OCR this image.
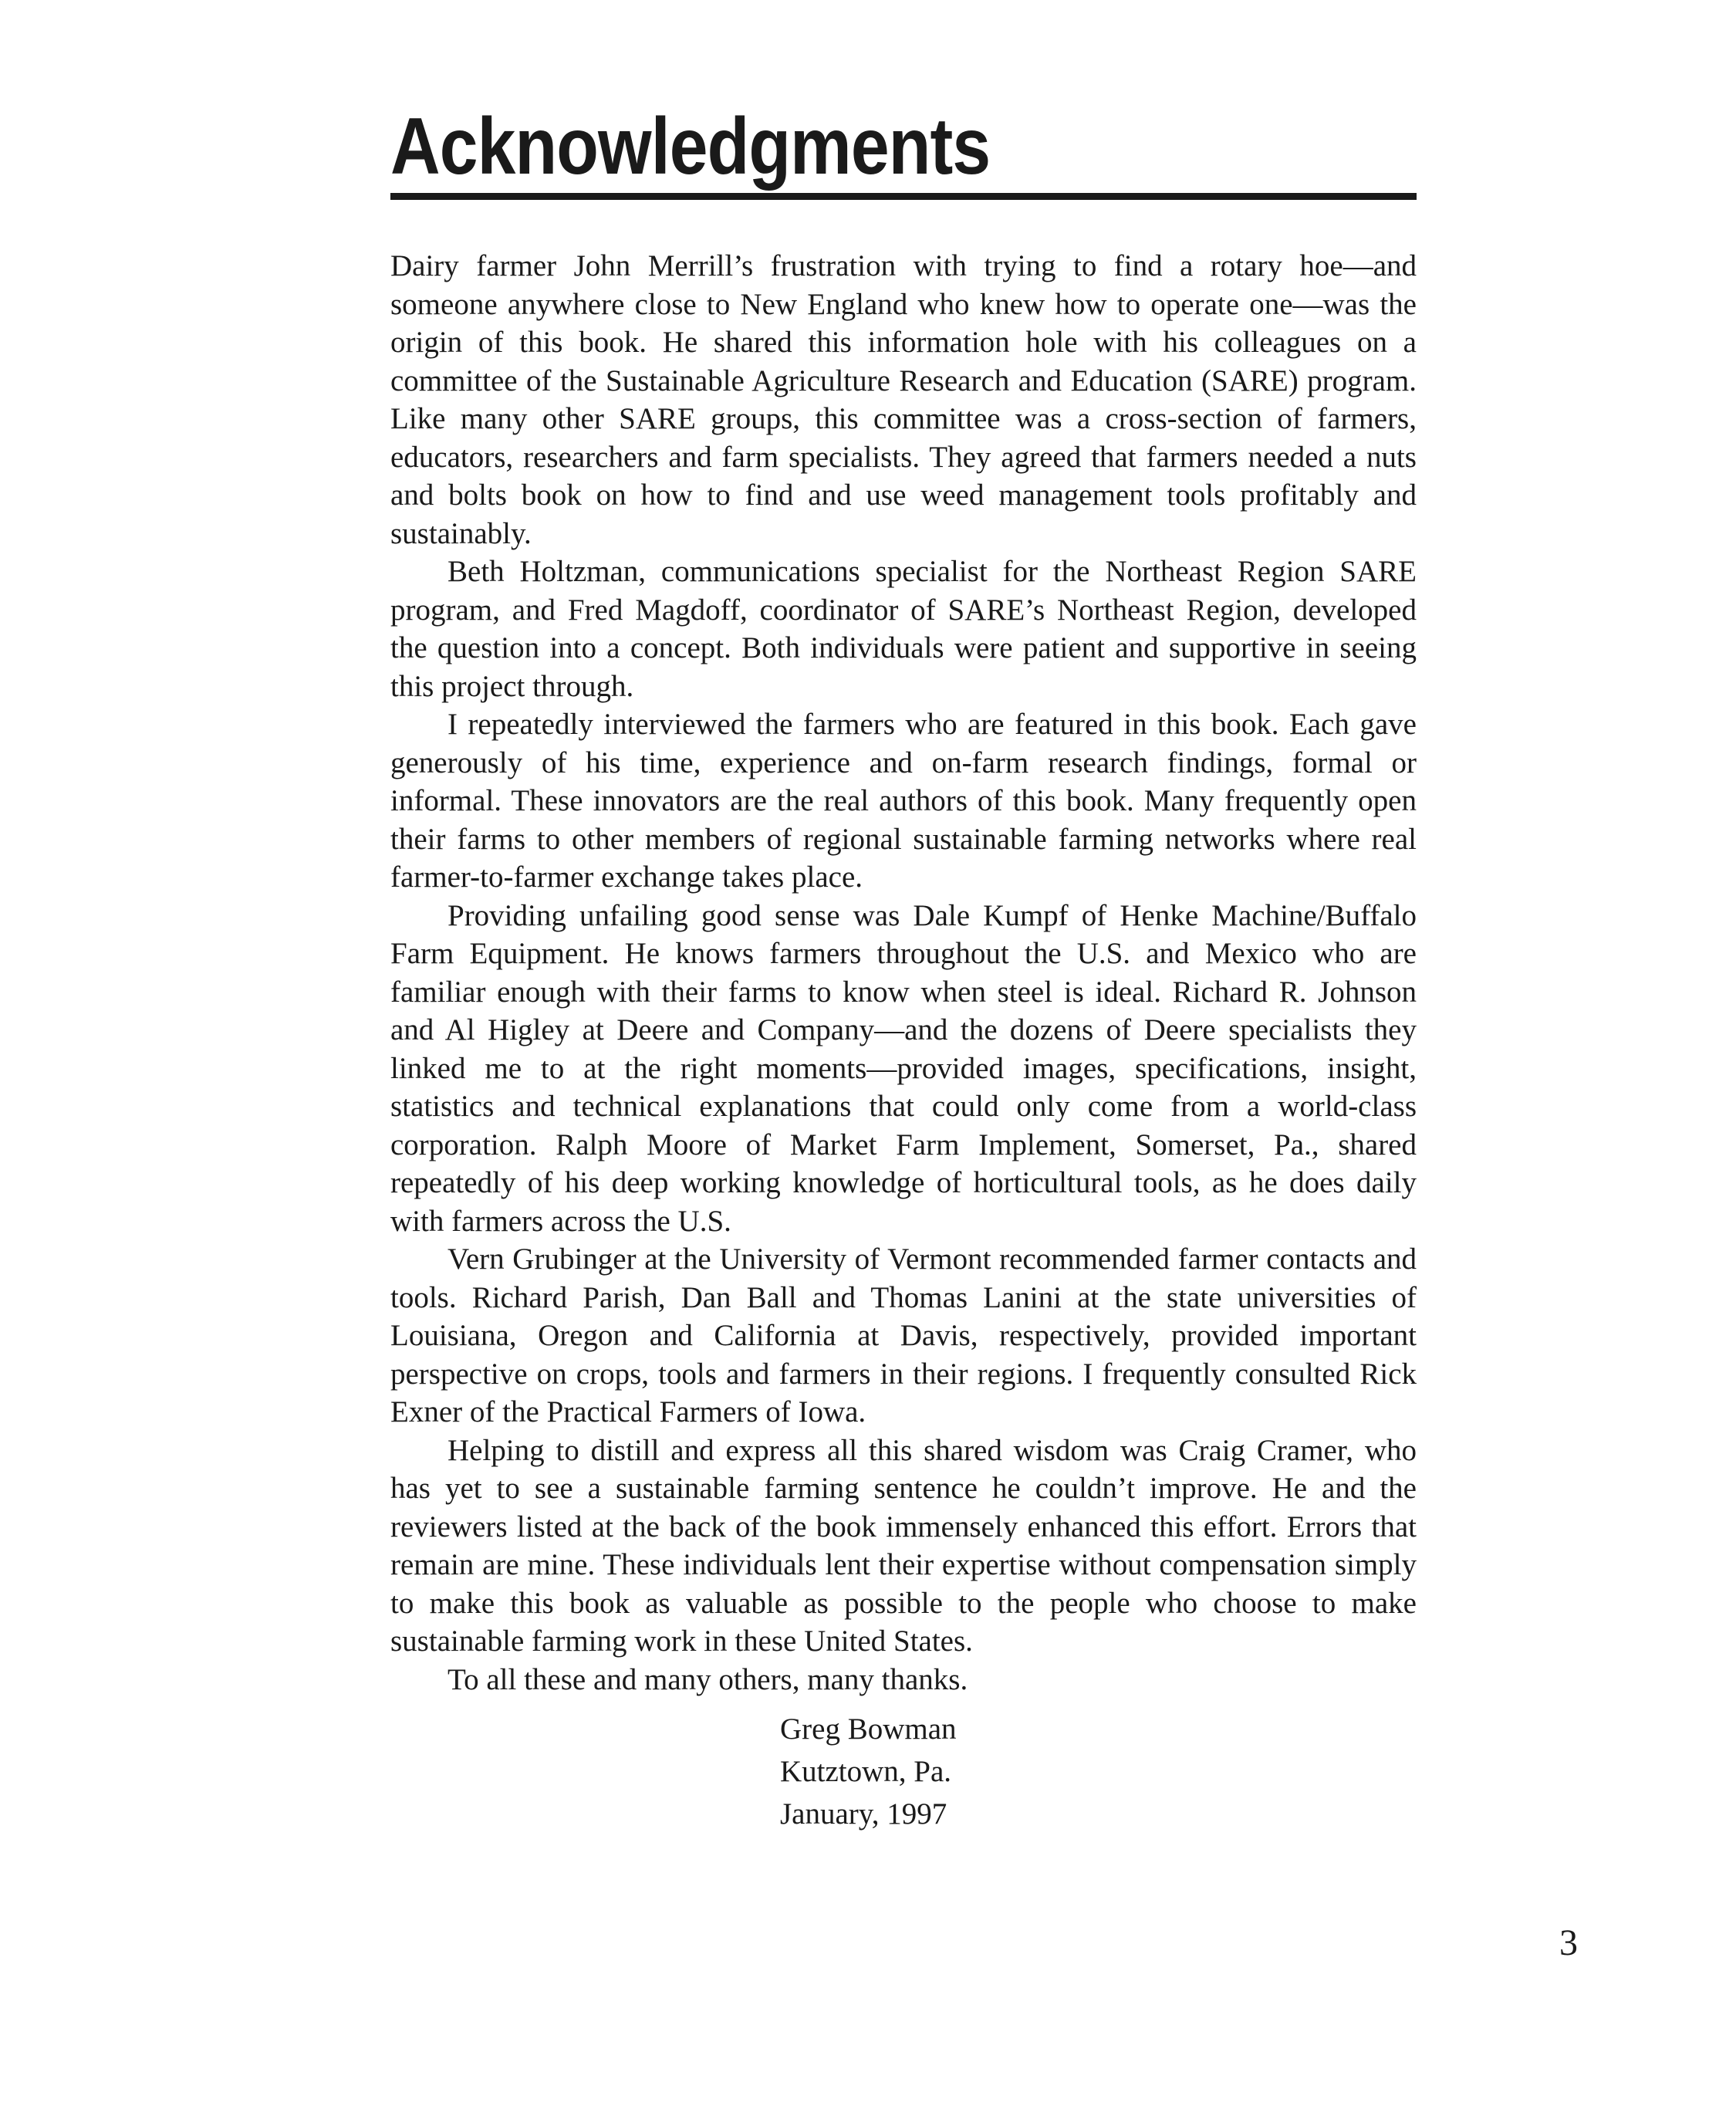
Acknowledgments

Dairy farmer John Merrill’s frustration with trying to find a rotary hoe—and someone anywhere close to New England who knew how to operate one—was the origin of this book. He shared this information hole with his colleagues on a committee of the Sustainable Agriculture Research and Education (SARE) program. Like many other SARE groups, this committee was a cross-section of farmers, educators, researchers and farm specialists. They agreed that farmers needed a nuts and bolts book on how to find and use weed management tools profitably and sustainably.

Beth Holtzman, communications specialist for the Northeast Region SARE program, and Fred Magdoff, coordinator of SARE’s Northeast Region, developed the question into a concept. Both individuals were patient and supportive in seeing this project through.

I repeatedly interviewed the farmers who are featured in this book. Each gave generously of his time, experience and on-farm research findings, formal or informal. These innovators are the real authors of this book. Many frequently open their farms to other members of regional sustainable farming networks where real farmer-to-farmer exchange takes place.

Providing unfailing good sense was Dale Kumpf of Henke Machine/Buffalo Farm Equipment. He knows farmers throughout the U.S. and Mexico who are familiar enough with their farms to know when steel is ideal. Richard R. Johnson and Al Higley at Deere and Company—and the dozens of Deere specialists they linked me to at the right moments—provided images, specifications, insight, statistics and technical explanations that could only come from a world-class corporation. Ralph Moore of Market Farm Implement, Somerset, Pa., shared repeatedly of his deep working knowledge of horticultural tools, as he does daily with farmers across the U.S.

Vern Grubinger at the University of Vermont recommended farmer contacts and tools. Richard Parish, Dan Ball and Thomas Lanini at the state universities of Louisiana, Oregon and California at Davis, respectively, provided important perspective on crops, tools and farmers in their regions. I frequently consulted Rick Exner of the Practical Farmers of Iowa.

Helping to distill and express all this shared wisdom was Craig Cramer, who has yet to see a sustainable farming sentence he couldn’t improve. He and the reviewers listed at the back of the book immensely enhanced this effort. Errors that remain are mine. These individuals lent their expertise without compensation simply to make this book as valuable as possible to the people who choose to make sustainable farming work in these United States.

To all these and many others, many thanks.

Greg Bowman
Kutztown, Pa.
January, 1997
3
